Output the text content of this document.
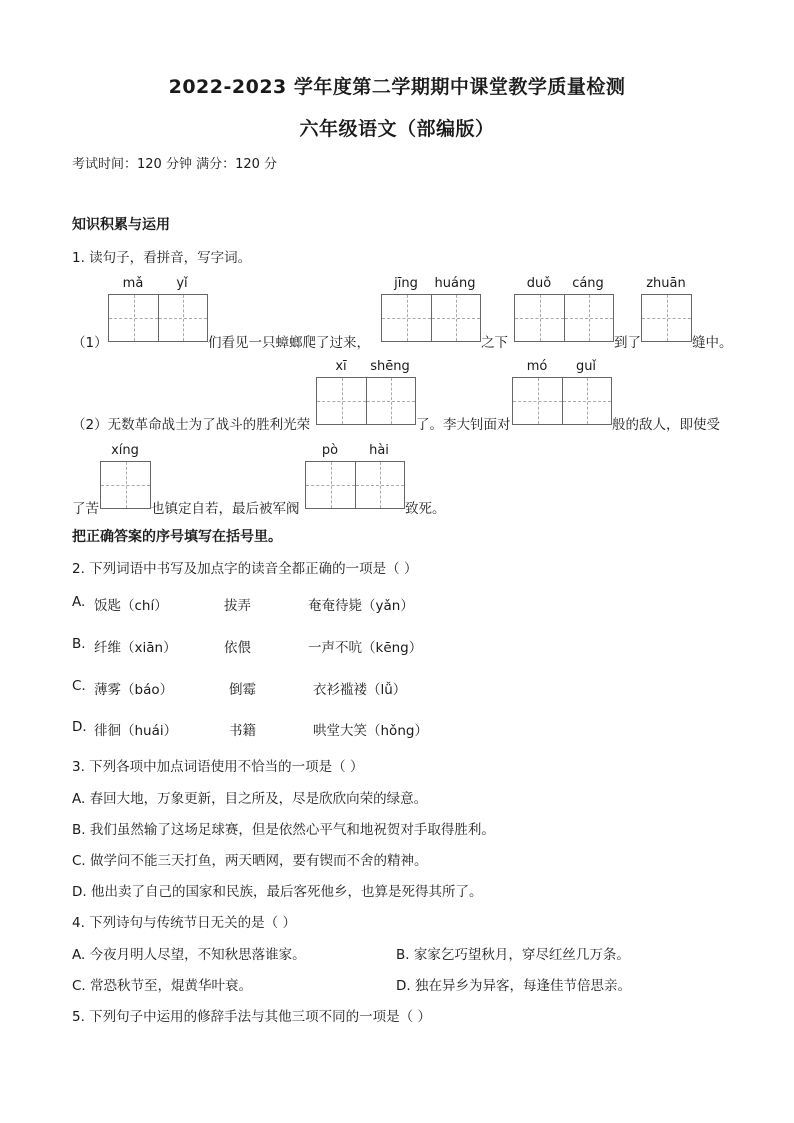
2022-2023 学年度第二学期期中课堂教学质量检测
六年级语文（部编版）
考试时间：120 分钟 满分：120 分
知识积累与运用
1. 读句子，看拼音，写字词。
mǎ	yǐ	jīng	huáng	duǒ	cáng	zhuān
（1）	们看见一只蟑螂爬了过来，	之下	到了	缝中。
xī	shēng	mó	guǐ
（2）无数革命战士为了战斗的胜利光荣	了。李大钊面对	般的敌人，即使受
xíng	pò	hài
了苦	也镇定自若，最后被军阀	致死。
把正确答案的序号填写在括号里。
2. 下列词语中书写及加点字的读音全都正确的一项是（ ）
A. 饭匙（chí）	拔弄	奄奄待毙（yǎn）
B. 纤维（xiān）	依偎	一声不吭（kēng）
C. 薄雾（báo）	倒霉	衣衫褴褛（lǚ）
D. 徘徊（huái）	书籍	哄堂大笑（hǒng）
3. 下列各项中加点词语使用不恰当的一项是（ ）
A. 春回大地，万象更新，目之所及，尽是欣欣向荣的绿意。
B. 我们虽然输了这场足球赛，但是依然心平气和地祝贺对手取得胜利。
C. 做学问不能三天打鱼，两天晒网，要有锲而不舍的精神。
D. 他出卖了自己的国家和民族，最后客死他乡，也算是死得其所了。
4. 下列诗句与传统节日无关的是（ ）
A. 今夜月明人尽望，不知秋思落谁家。	B. 家家乞巧望秋月，穿尽红丝几万条。
C. 常恐秋节至，焜黄华叶衰。	D. 独在异乡为异客，每逢佳节倍思亲。
5. 下列句子中运用的修辞手法与其他三项不同的一项是（ ）
